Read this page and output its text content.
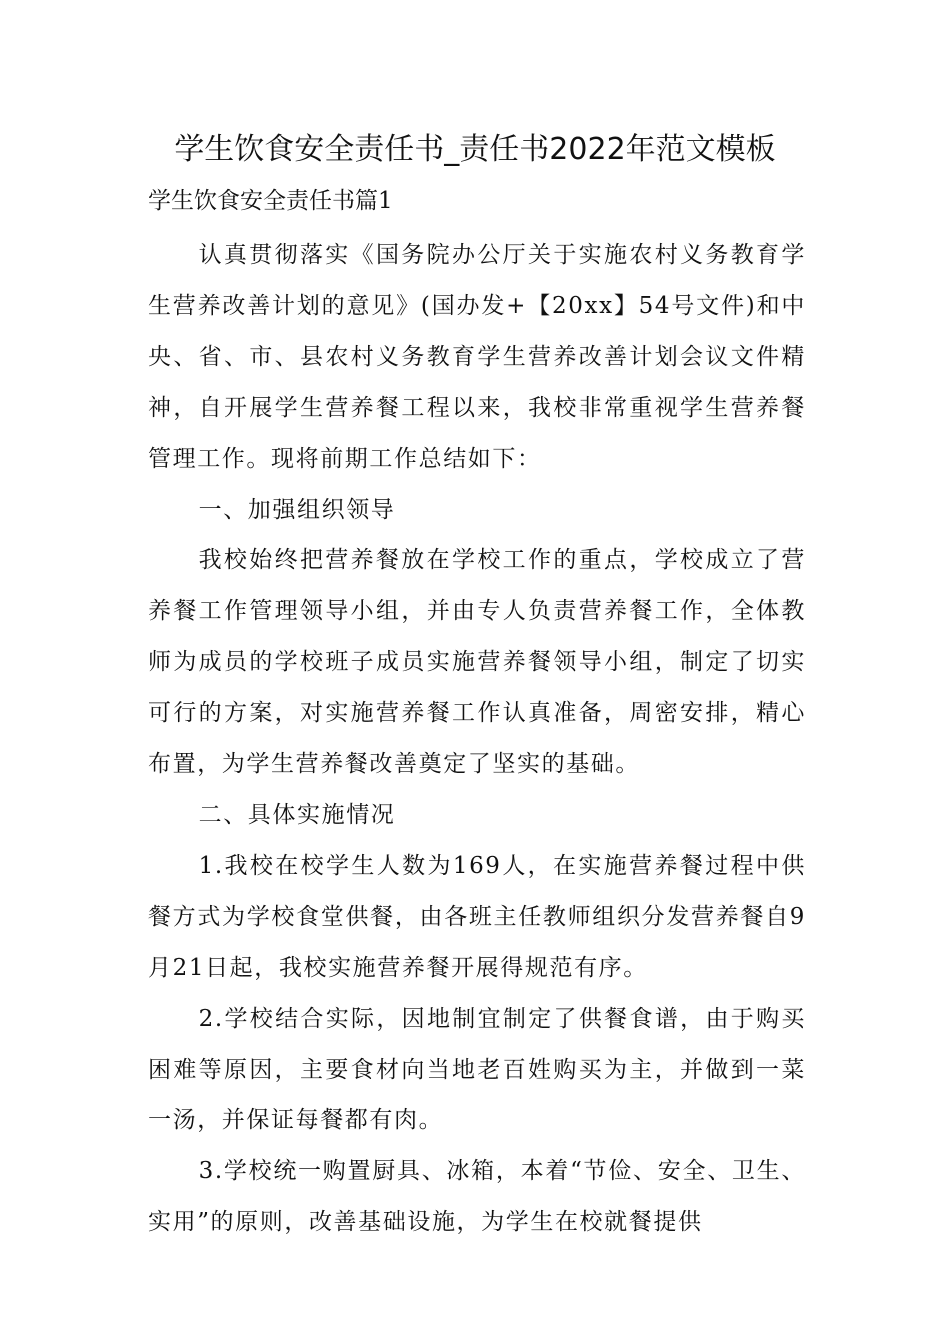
学生饮食安全责任书_责任书2022年范文模板
学生饮食安全责任书篇1

认真贯彻落实《国务院办公厅关于实施农村义务教育学生营养改善计划的意见》(国办发+【20xx】54号文件)和中央、省、市、县农村义务教育学生营养改善计划会议文件精神，自开展学生营养餐工程以来，我校非常重视学生营养餐管理工作。现将前期工作总结如下：

一、加强组织领导

我校始终把营养餐放在学校工作的重点，学校成立了营养餐工作管理领导小组，并由专人负责营养餐工作，全体教师为成员的学校班子成员实施营养餐领导小组，制定了切实可行的方案，对实施营养餐工作认真准备，周密安排，精心布置，为学生营养餐改善奠定了坚实的基础。

二、具体实施情况

1.我校在校学生人数为169人，在实施营养餐过程中供餐方式为学校食堂供餐，由各班主任教师组织分发营养餐自9月21日起，我校实施营养餐开展得规范有序。

2.学校结合实际，因地制宜制定了供餐食谱，由于购买困难等原因，主要食材向当地老百姓购买为主，并做到一菜一汤，并保证每餐都有肉。

3.学校统一购置厨具、冰箱，本着“节俭、安全、卫生、实用”的原则，改善基础设施，为学生在校就餐提供
